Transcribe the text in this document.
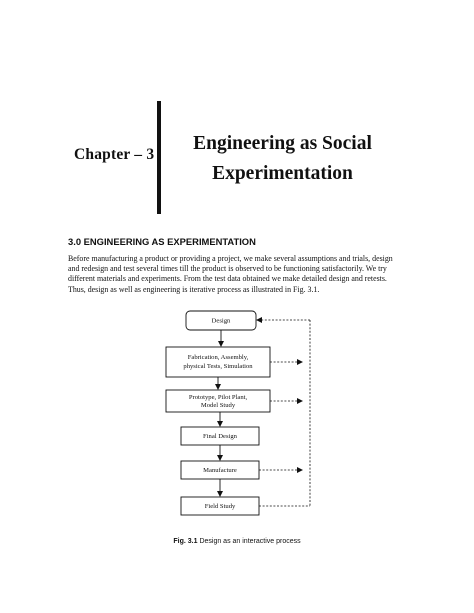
Chapter – 3
Engineering as Social
Experimentation
3.0 ENGINEERING AS EXPERIMENTATION

Before manufacturing a product or providing a project, we make several assumptions and trials, design
and redesign and test several times till the product is observed to be functioning satisfactorily. We try
different materials and experiments. From the test data obtained we make detailed design and retests.
Thus, design as well as engineering is iterative process as illustrated in Fig. 3.1.

Design
Fabrication, Assembly,
physical Tests, Simulation
Prototype, Pilot Plant,
Model Study
Final Design
Manufacture
Field Study
Fig. 3.1 Design as an interactive process
